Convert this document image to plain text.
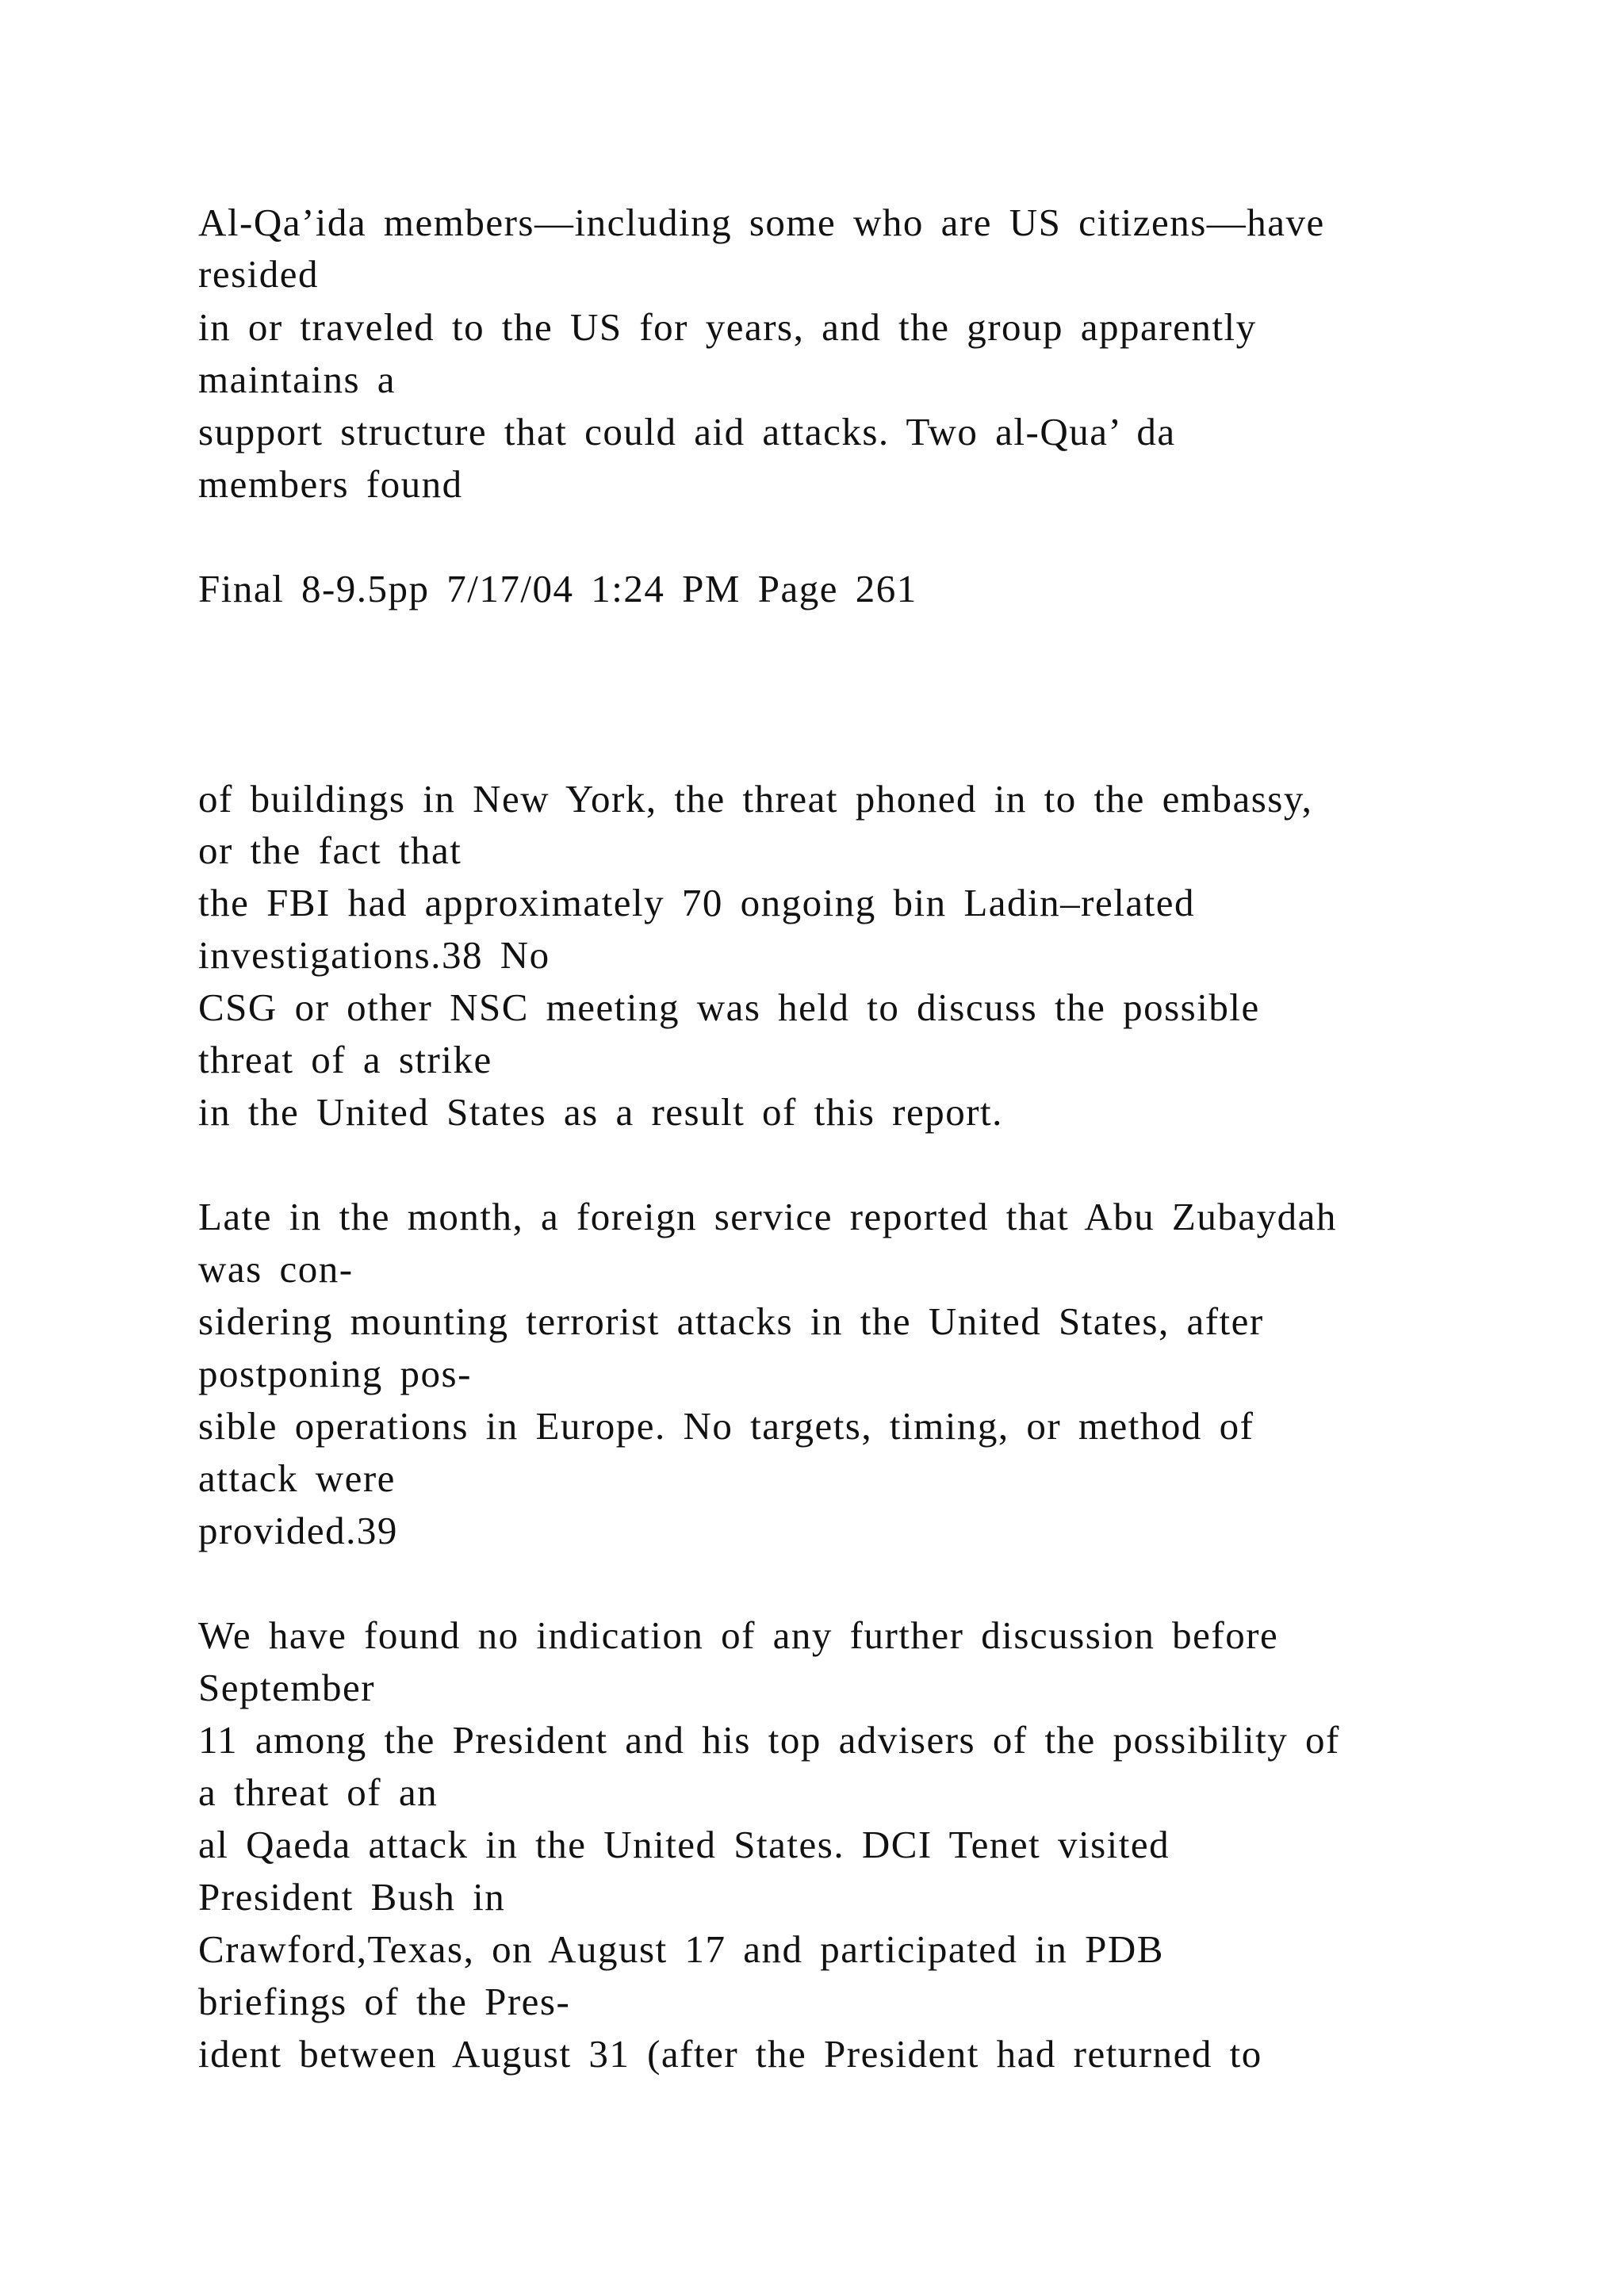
Al-Qa’ida members—including some who are US citizens—have
resided
in or traveled to the US for years, and the group apparently
maintains a
support structure that could aid attacks. Two al-Qua’ da
members found
Final 8-9.5pp 7/17/04 1:24 PM Page 261
of buildings in New York, the threat phoned in to the embassy,
or the fact that
the FBI had approximately 70 ongoing bin Ladin–related
investigations.38 No
CSG or other NSC meeting was held to discuss the possible
threat of a strike
in the United States as a result of this report.
Late in the month, a foreign service reported that Abu Zubaydah
was con-
sidering mounting terrorist attacks in the United States, after
postponing pos-
sible operations in Europe. No targets, timing, or method of
attack were
provided.39
We have found no indication of any further discussion before
September
11 among the President and his top advisers of the possibility of
a threat of an
al Qaeda attack in the United States. DCI Tenet visited
President Bush in
Crawford,Texas, on August 17 and participated in PDB
briefings of the Pres-
ident between August 31 (after the President had returned to
